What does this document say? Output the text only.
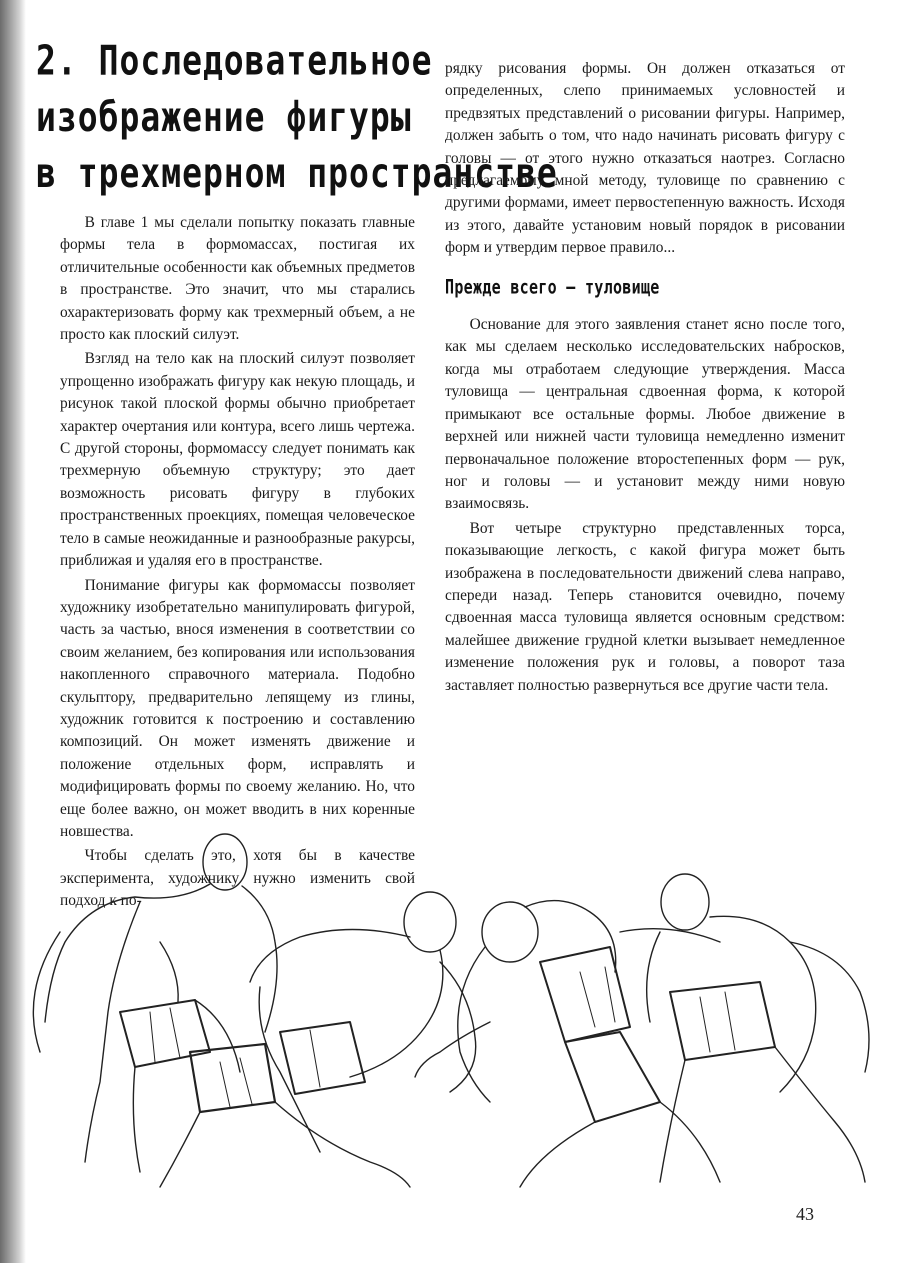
2. Последовательное
изображение фигуры
в трехмерном пространстве

В главе 1 мы сделали попытку показать главные формы тела в формомассах, постигая их отличительные особенности как объемных предметов в пространстве. Это значит, что мы старались охарактеризовать форму как трехмерный объем, а не просто как плоский силуэт.

Взгляд на тело как на плоский силуэт позволяет упрощенно изображать фигуру как некую площадь, и рисунок такой плоской формы обычно приобретает характер очертания или контура, всего лишь чертежа. С другой стороны, формомассу следует понимать как трехмерную объемную структуру; это дает возможность рисовать фигуру в глубоких пространственных проекциях, помещая человеческое тело в самые неожиданные и разнообразные ракурсы, приближая и удаляя его в пространстве.

Понимание фигуры как формомассы позволяет художнику изобретательно манипулировать фигурой, часть за частью, внося изменения в соответствии со своим желанием, без копирования или использования накопленного справочного материала. Подобно скульптору, предварительно лепящему из глины, художник готовится к построению и составлению композиций. Он может изменять движение и положение отдельных форм, исправлять и модифицировать формы по своему желанию. Но, что еще более важно, он может вводить в них коренные новшества.

Чтобы сделать это, хотя бы в качестве эксперимента, художнику нужно изменить свой подход к по-

рядку рисования формы. Он должен отказаться от определенных, слепо принимаемых условностей и предвзятых представлений о рисовании фигуры. Например, должен забыть о том, что надо начинать рисовать фигуру с головы — от этого нужно отказаться наотрез. Согласно предлагаемому мной методу, туловище по сравнению с другими формами, имеет первостепенную важность. Исходя из этого, давайте установим новый порядок в рисовании форм и утвердим первое правило...

Прежде всего – туловище

Основание для этого заявления станет ясно после того, как мы сделаем несколько исследовательских набросков, когда мы отработаем следующие утверждения. Масса туловища — центральная сдвоенная форма, к которой примыкают все остальные формы. Любое движение в верхней или нижней части туловища немедленно изменит первоначальное положение второстепенных форм — рук, ног и головы — и установит между ними новую взаимосвязь.

Вот четыре структурно представленных торса, показывающие легкость, с какой фигура может быть изображена в последовательности движений слева направо, спереди назад. Теперь становится очевидно, почему сдвоенная масса туловища является основным средством: малейшее движение грудной клетки вызывает немедленное изменение положения рук и головы, а поворот таза заставляет полностью развернуться все другие части тела.

43
